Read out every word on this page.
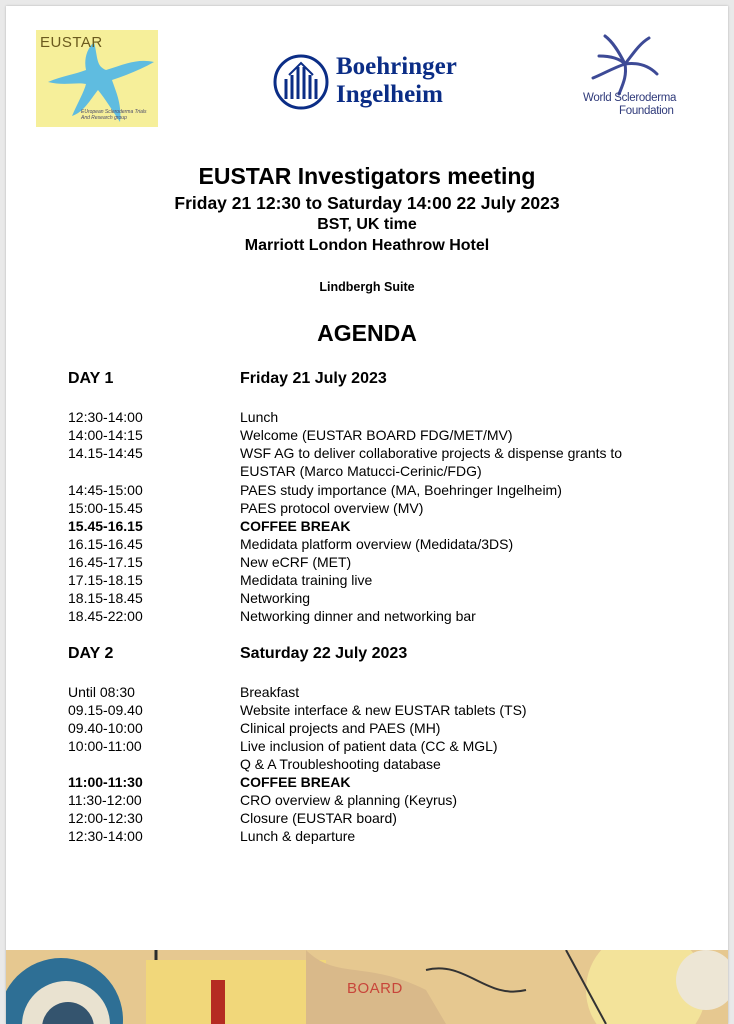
EUSTAR
EUropean Scleroderma Trials And Research group
Boehringer
Ingelheim	World Scleroderma
Foundation
EUSTAR Investigators meeting
Friday 21 12:30 to Saturday 14:00 22 July 2023
BST, UK time
Marriott London Heathrow Hotel
Lindbergh Suite
AGENDA
DAY 1	Friday 21 July 2023
12:30-14:00	Lunch
14:00-14:15	Welcome (EUSTAR BOARD FDG/MET/MV)
14.15-14:45	WSF AG to deliver collaborative projects & dispense grants to EUSTAR (Marco Matucci-Cerinic/FDG)
14:45-15:00	PAES study importance (MA, Boehringer Ingelheim)
15:00-15.45	PAES protocol overview (MV)
15.45-16.15	COFFEE BREAK
16.15-16.45	Medidata platform overview (Medidata/3DS)
16.45-17.15	New eCRF (MET)
17.15-18.15	Medidata training live
18.15-18.45	Networking
18.45-22:00	Networking dinner and networking bar
DAY 2	Saturday 22 July 2023
Until 08:30	Breakfast
09.15-09.40	Website interface & new EUSTAR tablets (TS)
09.40-10:00	Clinical projects and PAES (MH)
10:00-11:00	Live inclusion of patient data (CC & MGL)
Q & A Troubleshooting database
11:00-11:30	COFFEE BREAK
11:30-12:00	CRO overview & planning (Keyrus)
12:00-12:30	Closure (EUSTAR board)
12:30-14:00	Lunch & departure
BOARD
